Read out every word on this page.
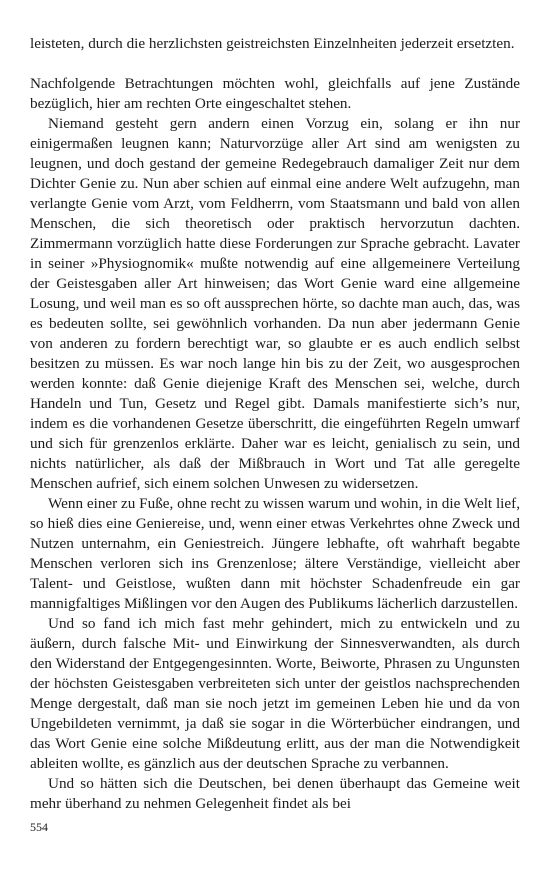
leisteten, durch die herzlichsten geistreichsten Einzelnheiten jederzeit ersetzten.

Nachfolgende Betrachtungen möchten wohl, gleichfalls auf jene Zustände bezüglich, hier am rechten Orte eingeschaltet stehen.

Niemand gesteht gern andern einen Vorzug ein, solang er ihn nur einigermaßen leugnen kann; Naturvorzüge aller Art sind am wenigsten zu leugnen, und doch gestand der gemeine Redegebrauch damaliger Zeit nur dem Dichter Genie zu. Nun aber schien auf einmal eine andere Welt aufzugehn, man verlangte Genie vom Arzt, vom Feldherrn, vom Staatsmann und bald von allen Menschen, die sich theoretisch oder praktisch hervorzutun dachten. Zimmermann vorzüglich hatte diese Forderungen zur Sprache gebracht. Lavater in seiner »Physiognomik« mußte notwendig auf eine allgemeinere Verteilung der Geistesgaben aller Art hinweisen; das Wort Genie ward eine allgemeine Losung, und weil man es so oft aussprechen hörte, so dachte man auch, das, was es bedeuten sollte, sei gewöhnlich vorhanden. Da nun aber jedermann Genie von anderen zu fordern berechtigt war, so glaubte er es auch endlich selbst besitzen zu müssen. Es war noch lange hin bis zu der Zeit, wo ausgesprochen werden konnte: daß Genie diejenige Kraft des Menschen sei, welche, durch Handeln und Tun, Gesetz und Regel gibt. Damals manifestierte sich’s nur, indem es die vorhandenen Gesetze überschritt, die eingeführten Regeln umwarf und sich für grenzenlos erklärte. Daher war es leicht, genialisch zu sein, und nichts natürlicher, als daß der Mißbrauch in Wort und Tat alle geregelte Menschen aufrief, sich einem solchen Unwesen zu widersetzen.

Wenn einer zu Fuße, ohne recht zu wissen warum und wohin, in die Welt lief, so hieß dies eine Geniereise, und, wenn einer etwas Verkehrtes ohne Zweck und Nutzen unternahm, ein Geniestreich. Jüngere lebhafte, oft wahrhaft begabte Menschen verloren sich ins Grenzenlose; ältere Verständige, vielleicht aber Talent- und Geistlose, wußten dann mit höchster Schadenfreude ein gar mannigfaltiges Mißlingen vor den Augen des Publikums lächerlich darzustellen.

Und so fand ich mich fast mehr gehindert, mich zu entwickeln und zu äußern, durch falsche Mit- und Einwirkung der Sinnesverwandten, als durch den Widerstand der Entgegengesinnten. Worte, Beiworte, Phrasen zu Ungunsten der höchsten Geistesgaben verbreiteten sich unter der geistlos nachsprechenden Menge dergestalt, daß man sie noch jetzt im gemeinen Leben hie und da von Ungebildeten vernimmt, ja daß sie sogar in die Wörterbücher eindrangen, und das Wort Genie eine solche Mißdeutung erlitt, aus der man die Notwendigkeit ableiten wollte, es gänzlich aus der deutschen Sprache zu verbannen.

Und so hätten sich die Deutschen, bei denen überhaupt das Gemeine weit mehr überhand zu nehmen Gelegenheit findet als bei

554
